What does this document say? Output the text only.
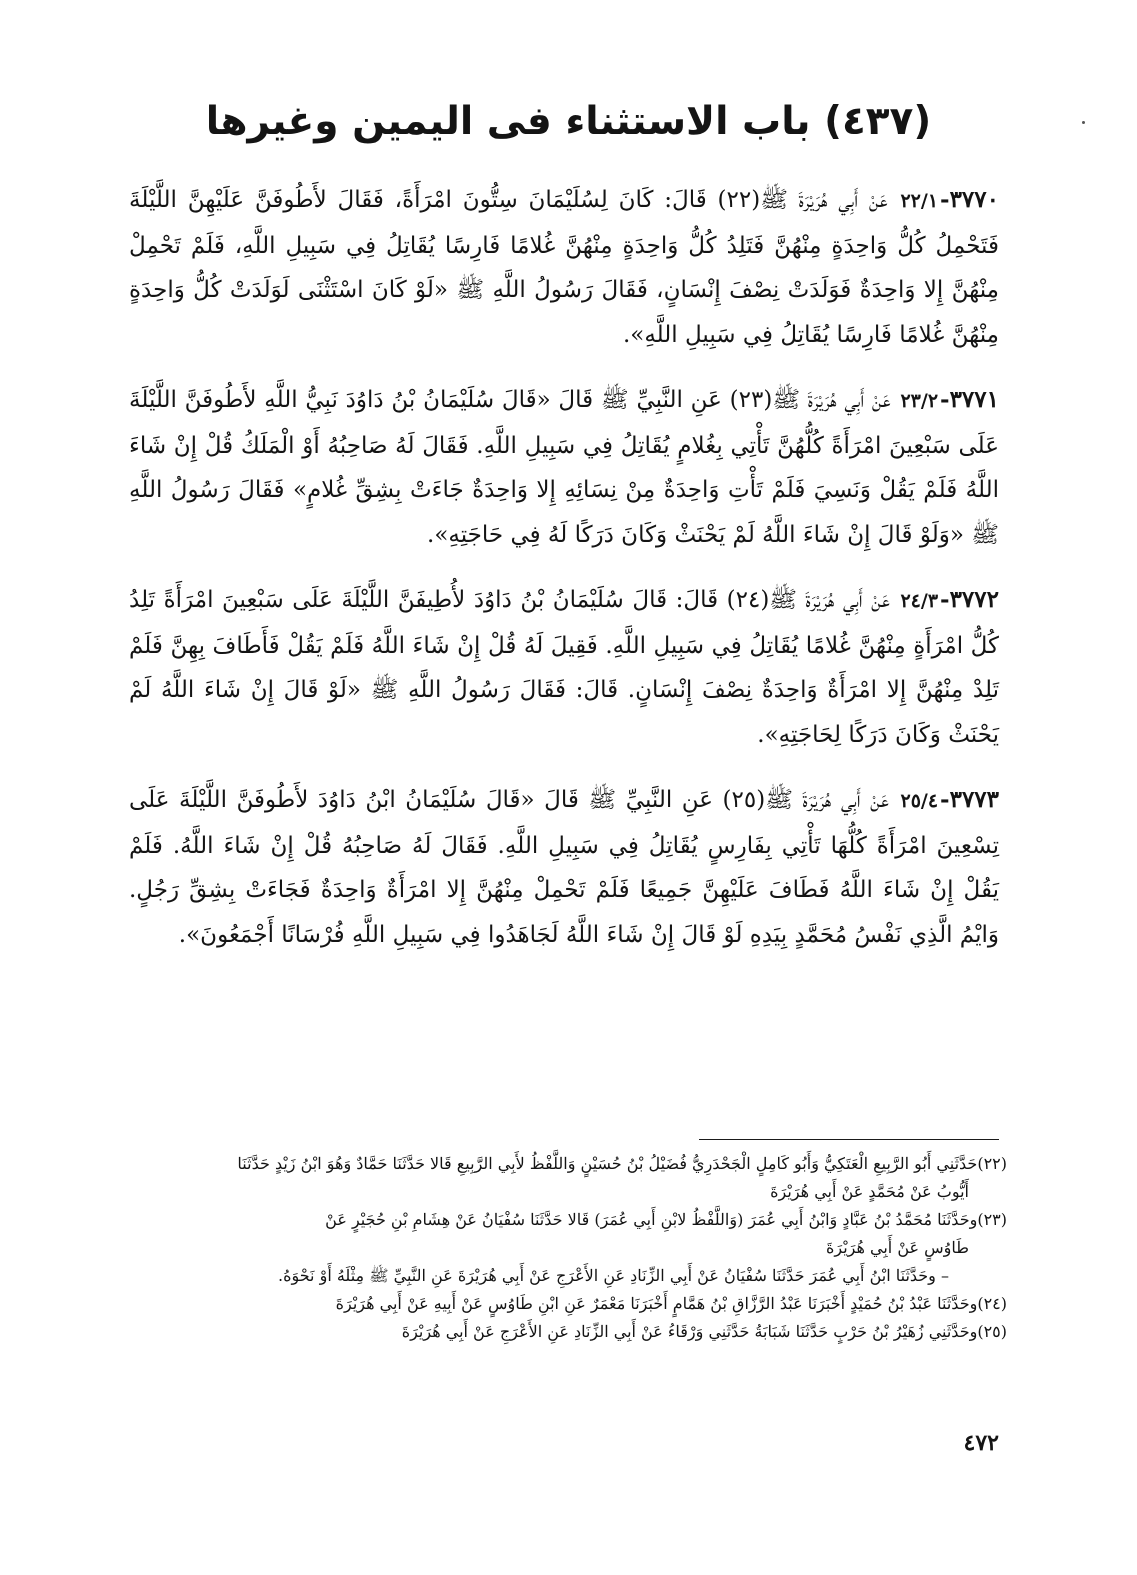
(٤٣٧) باب الاستثناء فى اليمين وغيرها

٣٧٧٠-٢٢/١ عَنْ أَبِي هُرَيْرَةَ ﷺ(٢٢) قَالَ: كَانَ لِسُلَيْمَانَ سِتُّونَ امْرَأَةً، فَقَالَ لأَطُوفَنَّ عَلَيْهِنَّ اللَّيْلَةَ فَتَحْمِلُ كُلُّ وَاحِدَةٍ مِنْهُنَّ فَتَلِدُ كُلُّ وَاحِدَةٍ مِنْهُنَّ غُلامًا فَارِسًا يُقَاتِلُ فِي سَبِيلِ اللَّهِ، فَلَمْ تَحْمِلْ مِنْهُنَّ إِلا وَاحِدَةٌ فَوَلَدَتْ نِصْفَ إِنْسَانٍ، فَقَالَ رَسُولُ اللَّهِ ﷺ «لَوْ كَانَ اسْتَثْنَى لَوَلَدَتْ كُلُّ وَاحِدَةٍ مِنْهُنَّ غُلامًا فَارِسًا يُقَاتِلُ فِي سَبِيلِ اللَّهِ».

٣٧٧١-٢٣/٢ عَنْ أَبِي هُرَيْرَةَ ﷺ(٢٣) عَنِ النَّبِيِّ ﷺ قَالَ «قَالَ سُلَيْمَانُ بْنُ دَاوُدَ نَبِيُّ اللَّهِ لأَطُوفَنَّ اللَّيْلَةَ عَلَى سَبْعِينَ امْرَأَةً كُلُّهُنَّ تَأْتِي بِغُلامٍ يُقَاتِلُ فِي سَبِيلِ اللَّهِ. فَقَالَ لَهُ صَاحِبُهُ أَوْ الْمَلَكُ قُلْ إِنْ شَاءَ اللَّهُ فَلَمْ يَقُلْ وَنَسِيَ فَلَمْ تَأْتِ وَاحِدَةٌ مِنْ نِسَائِهِ إِلا وَاحِدَةٌ جَاءَتْ بِشِقِّ غُلامٍ» فَقَالَ رَسُولُ اللَّهِ ﷺ «وَلَوْ قَالَ إِنْ شَاءَ اللَّهُ لَمْ يَحْنَثْ وَكَانَ دَرَكًا لَهُ فِي حَاجَتِهِ».

٣٧٧٢-٢٤/٣ عَنْ أَبِي هُرَيْرَةَ ﷺ(٢٤) قَالَ: قَالَ سُلَيْمَانُ بْنُ دَاوُدَ لأُطِيفَنَّ اللَّيْلَةَ عَلَى سَبْعِينَ امْرَأَةً تَلِدُ كُلُّ امْرَأَةٍ مِنْهُنَّ غُلامًا يُقَاتِلُ فِي سَبِيلِ اللَّهِ. فَقِيلَ لَهُ قُلْ إِنْ شَاءَ اللَّهُ فَلَمْ يَقُلْ فَأَطَافَ بِهِنَّ فَلَمْ تَلِدْ مِنْهُنَّ إِلا امْرَأَةٌ وَاحِدَةٌ نِصْفَ إِنْسَانٍ. قَالَ: فَقَالَ رَسُولُ اللَّهِ ﷺ «لَوْ قَالَ إِنْ شَاءَ اللَّهُ لَمْ يَحْنَثْ وَكَانَ دَرَكًا لِحَاجَتِهِ».

٣٧٧٣-٢٥/٤ عَنْ أَبِي هُرَيْرَةَ ﷺ(٢٥) عَنِ النَّبِيِّ ﷺ قَالَ «قَالَ سُلَيْمَانُ ابْنُ دَاوُدَ لأَطُوفَنَّ اللَّيْلَةَ عَلَى تِسْعِينَ امْرَأَةً كُلُّهَا تَأْتِي بِفَارِسٍ يُقَاتِلُ فِي سَبِيلِ اللَّهِ. فَقَالَ لَهُ صَاحِبُهُ قُلْ إِنْ شَاءَ اللَّهُ. فَلَمْ يَقُلْ إِنْ شَاءَ اللَّهُ فَطَافَ عَلَيْهِنَّ جَمِيعًا فَلَمْ تَحْمِلْ مِنْهُنَّ إِلا امْرَأَةٌ وَاحِدَةٌ فَجَاءَتْ بِشِقِّ رَجُلٍ. وَايْمُ الَّذِي نَفْسُ مُحَمَّدٍ بِيَدِهِ لَوْ قَالَ إِنْ شَاءَ اللَّهُ لَجَاهَدُوا فِي سَبِيلِ اللَّهِ فُرْسَانًا أَجْمَعُونَ».

(٢٢)حَدَّثَنِي أَبُو الرَّبِيعِ الْعَتَكِيُّ وَأَبُو كَامِلٍ الْجَحْدَرِيُّ فُضَيْلُ بْنُ حُسَيْنٍ وَاللَّفْظُ لأَبِي الرَّبِيعِ قَالا حَدَّثَنَا حَمَّادٌ وَهُوَ ابْنُ زَيْدٍ حَدَّثَنَا

أَيُّوبُ عَنْ مُحَمَّدٍ عَنْ أَبِي هُرَيْرَةَ

(٢٣)وحَدَّثَنَا مُحَمَّدُ بْنُ عَبَّادٍ وَابْنُ أَبِي عُمَرَ (وَاللَّفْظُ لابْنِ أَبِي عُمَرَ) قَالا حَدَّثَنَا سُفْيَانُ عَنْ هِشَامِ بْنِ حُجَيْرٍ عَنْ

طَاوُسٍ عَنْ أَبِي هُرَيْرَةَ

– وحَدَّثَنَا ابْنُ أَبِي عُمَرَ حَدَّثَنَا سُفْيَانُ عَنْ أَبِي الزِّنَادِ عَنِ الأَعْرَجِ عَنْ أَبِي هُرَيْرَةَ عَنِ النَّبِيِّ ﷺ مِثْلَهُ أَوْ نَحْوَهُ.

(٢٤)وحَدَّثَنَا عَبْدُ بْنُ حُمَيْدٍ أَخْبَرَنَا عَبْدُ الرَّزَّاقِ بْنُ هَمَّامٍ أَخْبَرَنَا مَعْمَرٌ عَنِ ابْنِ طَاوُسٍ عَنْ أَبِيهِ عَنْ أَبِي هُرَيْرَةَ

(٢٥)وحَدَّثَنِي زُهَيْرُ بْنُ حَرْبٍ حَدَّثَنَا شَبَابَةُ حَدَّثَنِي وَرْقَاءُ عَنْ أَبِي الزِّنَادِ عَنِ الأَعْرَجِ عَنْ أَبِي هُرَيْرَةَ

٤٧٢
